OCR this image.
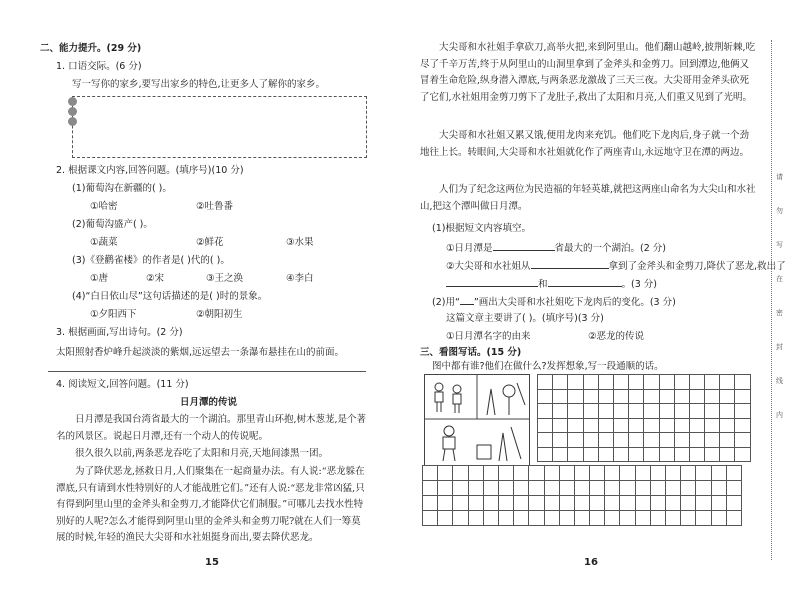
二、能力提升。(29 分)
1. 口语交际。(6 分)
写一写你的家乡,要写出家乡的特色,让更多人了解你的家乡。
2. 根据课文内容,回答问题。(填序号)(10 分)
(1)葡萄沟在新疆的( )。
①哈密	②吐鲁番
(2)葡萄沟盛产( )。
①蔬菜	②鲜花	③水果
(3)《登鹳雀楼》的作者是( )代的( )。
①唐	②宋	③王之涣	④李白
(4)“白日依山尽”这句话描述的是( )时的景象。
①夕阳西下	②朝阳初生
3. 根据画面,写出诗句。(2 分)
太阳照射香炉峰升起淡淡的紫烟,远远望去一条瀑布悬挂在山的前面。
4. 阅读短文,回答问题。(11 分)
日月潭的传说
日月潭是我国台湾省最大的一个湖泊。那里青山环抱,树木葱茏,是个著名的风景区。说起日月潭,还有一个动人的传说呢。
很久很久以前,两条恶龙吞吃了太阳和月亮,天地间漆黑一团。
为了降伏恶龙,拯救日月,人们聚集在一起商量办法。有人说:“恶龙躲在潭底,只有请到水性特别好的人才能战胜它们。”还有人说:“恶龙非常凶猛,只有得到阿里山里的金斧头和金剪刀,才能降伏它们制服。”可哪儿去找水性特别好的人呢?怎么才能得到阿里山里的金斧头和金剪刀呢?就在人们一筹莫展的时候,年轻的渔民大尖哥和水社姐挺身而出,要去降伏恶龙。
15
大尖哥和水社姐手拿砍刀,高举火把,来到阿里山。他们翻山越岭,披荆斩棘,吃尽了千辛万苦,终于从阿里山的山洞里拿到了金斧头和金剪刀。回到潭边,他俩又冒着生命危险,纵身潜入潭底,与两条恶龙激战了三天三夜。大尖哥用金斧头砍死了它们,水社姐用金剪刀剪下了龙肚子,救出了太阳和月亮,人们重又见到了光明。
大尖哥和水社姐又累又饿,便用龙肉来充饥。他们吃下龙肉后,身子就一个劲地往上长。转眼间,大尖哥和水社姐就化作了两座青山,永远地守卫在潭的两边。
人们为了纪念这两位为民造福的年轻英雄,就把这两座山命名为大尖山和水社山,把这个潭叫做日月潭。
(1)根据短文内容填空。
①日月潭是	省最大的一个湖泊。(2 分)
②大尖哥和水社姐从	拿到了金斧头和金剪刀,降伏了恶龙,救出了
和	。(3 分)
(2)用“ ”画出大尖哥和水社姐吃下龙肉后的变化。(3 分)
这篇文章主要讲了( )。(填序号)(3 分)
①日月潭名字的由来	②恶龙的传说
三、看图写话。(15 分)
图中都有谁?他们在做什么?发挥想象,写一段通顺的话。

16
请
勿
写
在
密
封
线
内
